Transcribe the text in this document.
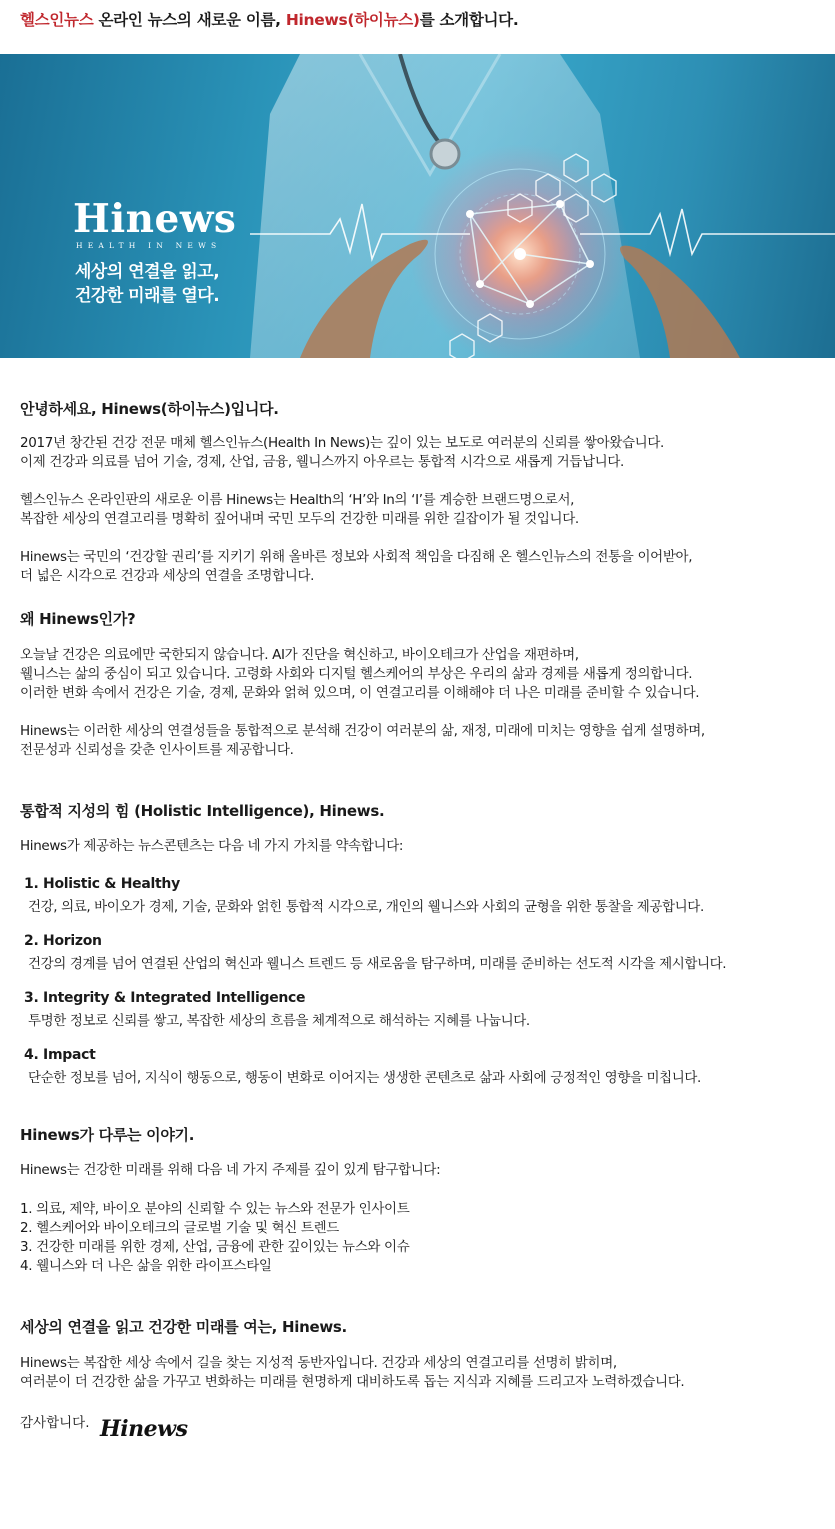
헬스인뉴스 온라인 뉴스의 새로운 이름, Hinews(하이뉴스)를 소개합니다.
Hinews
HEALTH IN NEWS
세상의 연결을 읽고,
건강한 미래를 열다.
안녕하세요, Hinews(하이뉴스)입니다.
2017년 창간된 건강 전문 매체 헬스인뉴스(Health In News)는 깊이 있는 보도로 여러분의 신뢰를 쌓아왔습니다.
이제 건강과 의료를 넘어 기술, 경제, 산업, 금융, 웰니스까지 아우르는 통합적 시각으로 새롭게 거듭납니다.
헬스인뉴스 온라인판의 새로운 이름 Hinews는 Health의 ‘H’와 In의 ‘I’를 계승한 브랜드명으로서,
복잡한 세상의 연결고리를 명확히 짚어내며 국민 모두의 건강한 미래를 위한 길잡이가 될 것입니다.
Hinews는 국민의 ‘건강할 권리’를 지키기 위해 올바른 정보와 사회적 책임을 다짐해 온 헬스인뉴스의 전통을 이어받아,
더 넓은 시각으로 건강과 세상의 연결을 조명합니다.
왜 Hinews인가?
오늘날 건강은 의료에만 국한되지 않습니다. AI가 진단을 혁신하고, 바이오테크가 산업을 재편하며,
웰니스는 삶의 중심이 되고 있습니다. 고령화 사회와 디지털 헬스케어의 부상은 우리의 삶과 경제를 새롭게 정의합니다.
이러한 변화 속에서 건강은 기술, 경제, 문화와 얽혀 있으며, 이 연결고리를 이해해야 더 나은 미래를 준비할 수 있습니다.
Hinews는 이러한 세상의 연결성들을 통합적으로 분석해 건강이 여러분의 삶, 재정, 미래에 미치는 영향을 쉽게 설명하며,
전문성과 신뢰성을 갖춘 인사이트를 제공합니다.
통합적 지성의 힘 (Holistic Intelligence), Hinews.
Hinews가 제공하는 뉴스콘텐츠는 다음 네 가지 가치를 약속합니다:
1. Holistic & Healthy
건강, 의료, 바이오가 경제, 기술, 문화와 얽힌 통합적 시각으로, 개인의 웰니스와 사회의 균형을 위한 통찰을 제공합니다.
2. Horizon
건강의 경계를 넘어 연결된 산업의 혁신과 웰니스 트렌드 등 새로움을 탐구하며, 미래를 준비하는 선도적 시각을 제시합니다.
3. Integrity & Integrated Intelligence
투명한 정보로 신뢰를 쌓고, 복잡한 세상의 흐름을 체계적으로 해석하는 지혜를 나눕니다.
4. Impact
단순한 정보를 넘어, 지식이 행동으로, 행동이 변화로 이어지는 생생한 콘텐츠로 삶과 사회에 긍정적인 영향을 미칩니다.
Hinews가 다루는 이야기.
Hinews는 건강한 미래를 위해 다음 네 가지 주제를 깊이 있게 탐구합니다:
1. 의료, 제약, 바이오 분야의 신뢰할 수 있는 뉴스와 전문가 인사이트
2. 헬스케어와 바이오테크의 글로벌 기술 및 혁신 트렌드
3. 건강한 미래를 위한 경제, 산업, 금융에 관한 깊이있는 뉴스와 이슈
4. 웰니스와 더 나은 삶을 위한 라이프스타일
세상의 연결을 읽고 건강한 미래를 여는, Hinews.
Hinews는 복잡한 세상 속에서 길을 찾는 지성적 동반자입니다. 건강과 세상의 연결고리를 선명히 밝히며,
여러분이 더 건강한 삶을 가꾸고 변화하는 미래를 현명하게 대비하도록 돕는 지식과 지혜를 드리고자 노력하겠습니다.
감사합니다. Hinews
